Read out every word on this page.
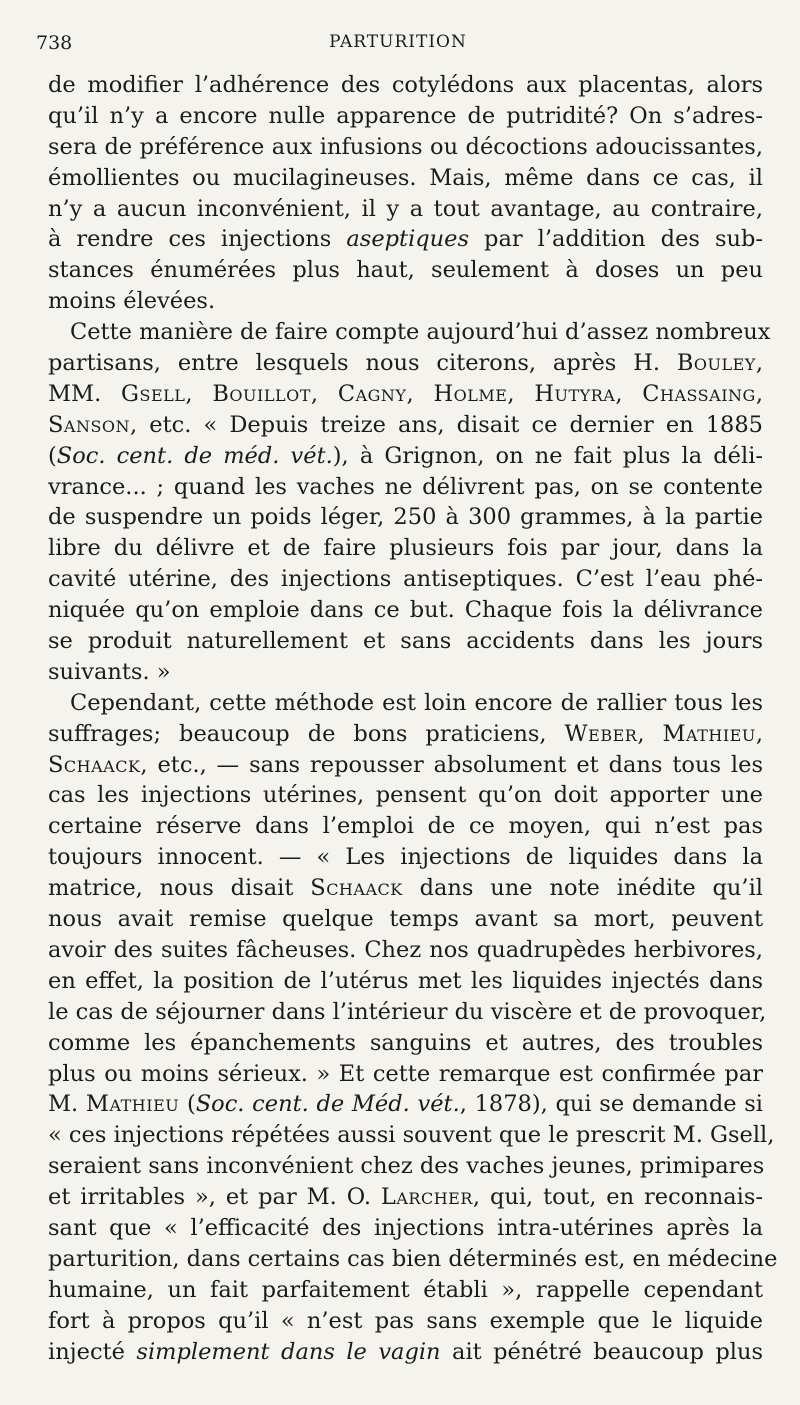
738	PARTURITION
de modifier l’adhérence des cotylédons aux placentas, alors
qu’il n’y a encore nulle apparence de putridité? On s’adres-
sera de préférence aux infusions ou décoctions adoucissantes,
émollientes ou mucilagineuses. Mais, même dans ce cas, il
n’y a aucun inconvénient, il y a tout avantage, au contraire,
à rendre ces injections aseptiques par l’addition des sub-
stances énumérées plus haut, seulement à doses un peu
moins élevées.
Cette manière de faire compte aujourd’hui d’assez nombreux
partisans, entre lesquels nous citerons, après H. Bouley,
MM. Gsell, Bouillot, Cagny, Holme, Hutyra, Chassaing,
Sanson, etc. « Depuis treize ans, disait ce dernier en 1885
(Soc. cent. de méd. vét.), à Grignon, on ne fait plus la déli-
vrance... ; quand les vaches ne délivrent pas, on se contente
de suspendre un poids léger, 250 à 300 grammes, à la partie
libre du délivre et de faire plusieurs fois par jour, dans la
cavité utérine, des injections antiseptiques. C’est l’eau phé-
niquée qu’on emploie dans ce but. Chaque fois la délivrance
se produit naturellement et sans accidents dans les jours
suivants. »
Cependant, cette méthode est loin encore de rallier tous les
suffrages; beaucoup de bons praticiens, Weber, Mathieu,
Schaack, etc., — sans repousser absolument et dans tous les
cas les injections utérines, pensent qu’on doit apporter une
certaine réserve dans l’emploi de ce moyen, qui n’est pas
toujours innocent. — « Les injections de liquides dans la
matrice, nous disait Schaack dans une note inédite qu’il
nous avait remise quelque temps avant sa mort, peuvent
avoir des suites fâcheuses. Chez nos quadrupèdes herbivores,
en effet, la position de l’utérus met les liquides injectés dans
le cas de séjourner dans l’intérieur du viscère et de provoquer,
comme les épanchements sanguins et autres, des troubles
plus ou moins sérieux. » Et cette remarque est confirmée par
M. Mathieu (Soc. cent. de Méd. vét., 1878), qui se demande si
« ces injections répétées aussi souvent que le prescrit M. Gsell,
seraient sans inconvénient chez des vaches jeunes, primipares
et irritables », et par M. O. Larcher, qui, tout, en reconnais-
sant que « l’efficacité des injections intra-utérines après la
parturition, dans certains cas bien déterminés est, en médecine
humaine, un fait parfaitement établi », rappelle cependant
fort à propos qu’il « n’est pas sans exemple que le liquide
injecté simplement dans le vagin ait pénétré beaucoup plus
